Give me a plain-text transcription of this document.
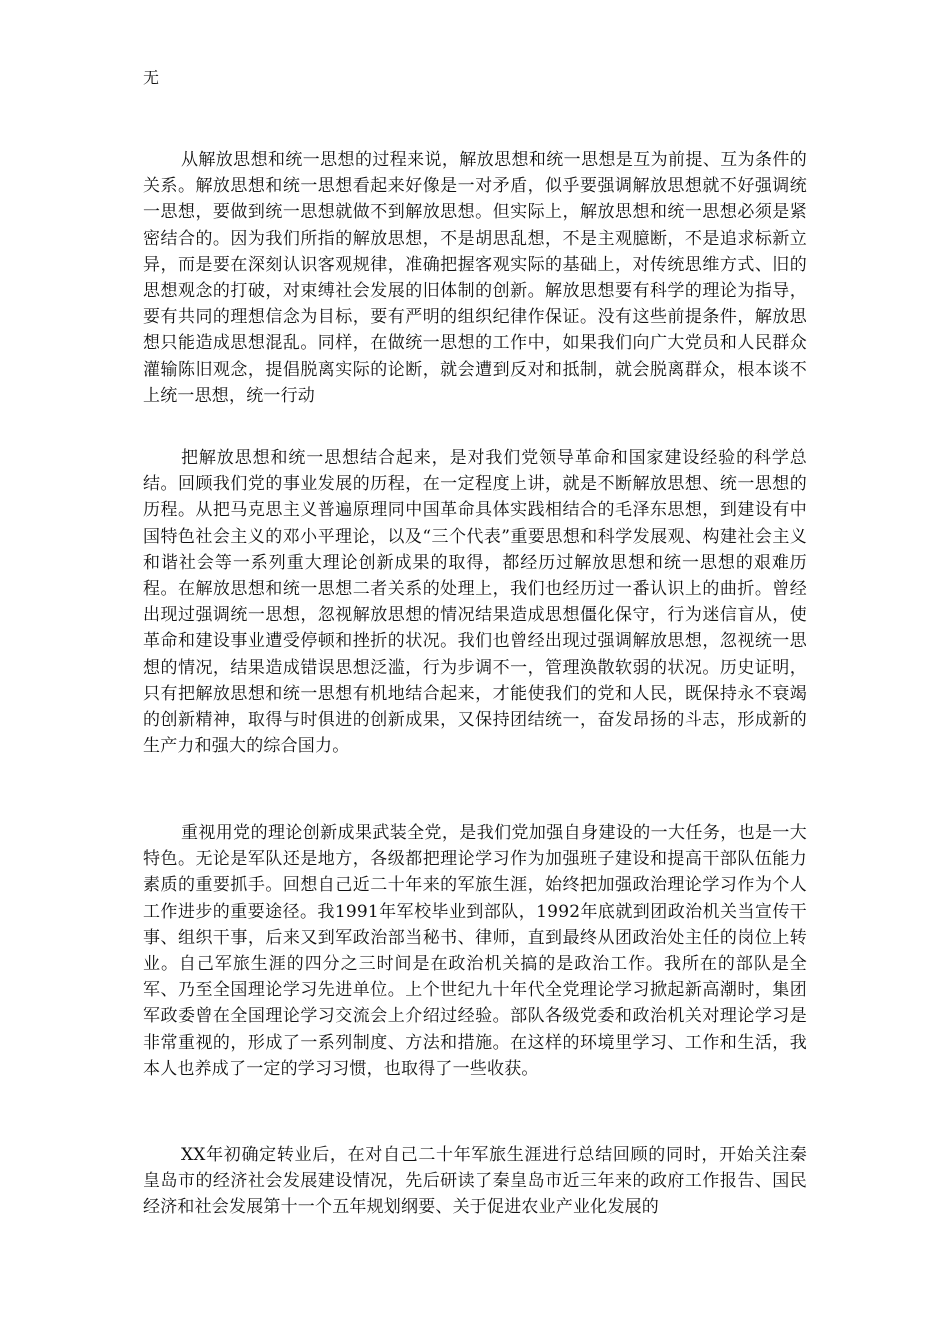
无

从解放思想和统一思想的过程来说，解放思想和统一思想是互为前提、互为条件的关系。解放思想和统一思想看起来好像是一对矛盾，似乎要强调解放思想就不好强调统一思想，要做到统一思想就做不到解放思想。但实际上，解放思想和统一思想必须是紧密结合的。因为我们所指的解放思想，不是胡思乱想，不是主观臆断，不是追求标新立异，而是要在深刻认识客观规律，准确把握客观实际的基础上，对传统思维方式、旧的思想观念的打破，对束缚社会发展的旧体制的创新。解放思想要有科学的理论为指导，要有共同的理想信念为目标，要有严明的组织纪律作保证。没有这些前提条件，解放思想只能造成思想混乱。同样，在做统一思想的工作中，如果我们向广大党员和人民群众灌输陈旧观念，提倡脱离实际的论断，就会遭到反对和抵制，就会脱离群众，根本谈不上统一思想，统一行动

把解放思想和统一思想结合起来，是对我们党领导革命和国家建设经验的科学总结。回顾我们党的事业发展的历程，在一定程度上讲，就是不断解放思想、统一思想的历程。从把马克思主义普遍原理同中国革命具体实践相结合的毛泽东思想，到建设有中国特色社会主义的邓小平理论，以及“三个代表”重要思想和科学发展观、构建社会主义和谐社会等一系列重大理论创新成果的取得，都经历过解放思想和统一思想的艰难历程。在解放思想和统一思想二者关系的处理上，我们也经历过一番认识上的曲折。曾经出现过强调统一思想，忽视解放思想的情况结果造成思想僵化保守，行为迷信盲从，使革命和建设事业遭受停顿和挫折的状况。我们也曾经出现过强调解放思想，忽视统一思想的情况，结果造成错误思想泛滥，行为步调不一，管理涣散软弱的状况。历史证明，只有把解放思想和统一思想有机地结合起来，才能使我们的党和人民，既保持永不衰竭的创新精神，取得与时俱进的创新成果，又保持团结统一，奋发昂扬的斗志，形成新的生产力和强大的综合国力。

重视用党的理论创新成果武装全党，是我们党加强自身建设的一大任务，也是一大特色。无论是军队还是地方，各级都把理论学习作为加强班子建设和提高干部队伍能力素质的重要抓手。回想自己近二十年来的军旅生涯，始终把加强政治理论学习作为个人工作进步的重要途径。我1991年军校毕业到部队，1992年底就到团政治机关当宣传干事、组织干事，后来又到军政治部当秘书、律师，直到最终从团政治处主任的岗位上转业。自己军旅生涯的四分之三时间是在政治机关搞的是政治工作。我所在的部队是全军、乃至全国理论学习先进单位。上个世纪九十年代全党理论学习掀起新高潮时，集团军政委曾在全国理论学习交流会上介绍过经验。部队各级党委和政治机关对理论学习是非常重视的，形成了一系列制度、方法和措施。在这样的环境里学习、工作和生活，我本人也养成了一定的学习习惯，也取得了一些收获。

XX年初确定转业后，在对自己二十年军旅生涯进行总结回顾的同时，开始关注秦皇岛市的经济社会发展建设情况，先后研读了秦皇岛市近三年来的政府工作报告、国民经济和社会发展第十一个五年规划纲要、关于促进农业产业化发展的
